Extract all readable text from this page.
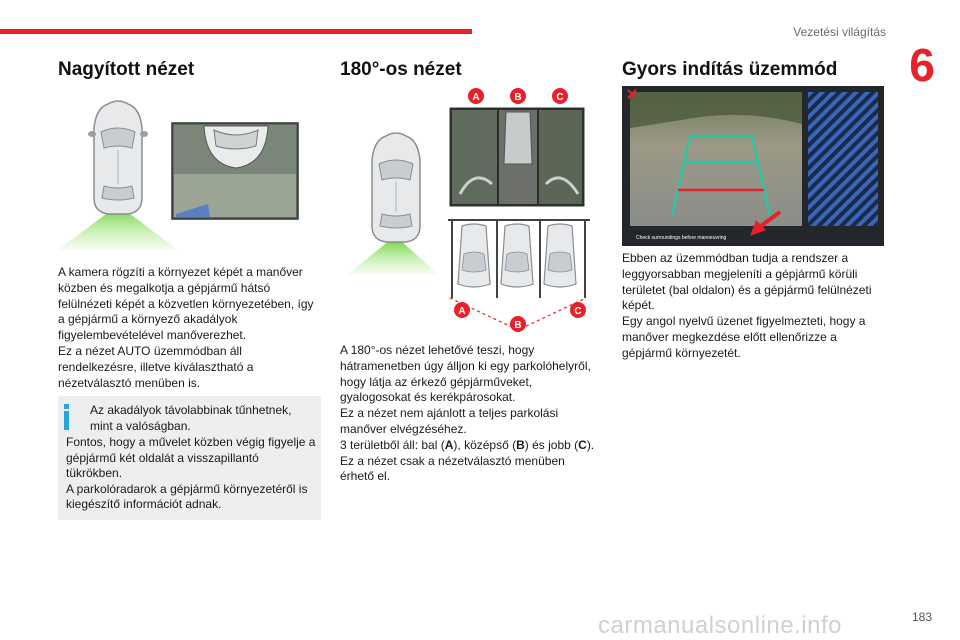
Vezetési világítás
6
Nagyított nézet

A kamera rögzíti a környezet képét a manőver közben és megalkotja a gépjármű hátsó felülnézeti képét a közvetlen környezetében, így a gépjármű a környező akadályok figyelembevételével manőverezhet.
Ez a nézet AUTO üzemmódban áll rendelkezésre, illetve kiválasztható a nézetválasztó menüben is.

Az akadályok távolabbinak tűnhetnek, mint a valóságban.

Fontos, hogy a művelet közben végig figyelje a gépjármű két oldalát a visszapillantó tükrökben.
A parkolóradarok a gépjármű környezetéről is kiegészítő információt adnak.

180°-os nézet
A	B	C
A
B
C

A 180°-os nézet lehetővé teszi, hogy hátramenetben úgy álljon ki egy parkolóhelyről, hogy látja az érkező gépjárműveket, gyalogosokat és kerékpárosokat.
Ez a nézet nem ajánlott a teljes parkolási manőver elvégzéséhez.
3 területből áll: bal (A), középső (B) és jobb (C).
Ez a nézet csak a nézetválasztó menüben érhető el.

Gyors indítás üzemmód
Check surroundings before manoeuvring

Ebben az üzemmódban tudja a rendszer a leggyorsabban megjeleníti a gépjármű körüli területet (bal oldalon) és a gépjármű felülnézeti képét.
Egy angol nyelvű üzenet figyelmezteti, hogy a manőver megkezdése előtt ellenőrizze a gépjármű környezetét.

carmanualsonline.info	183
